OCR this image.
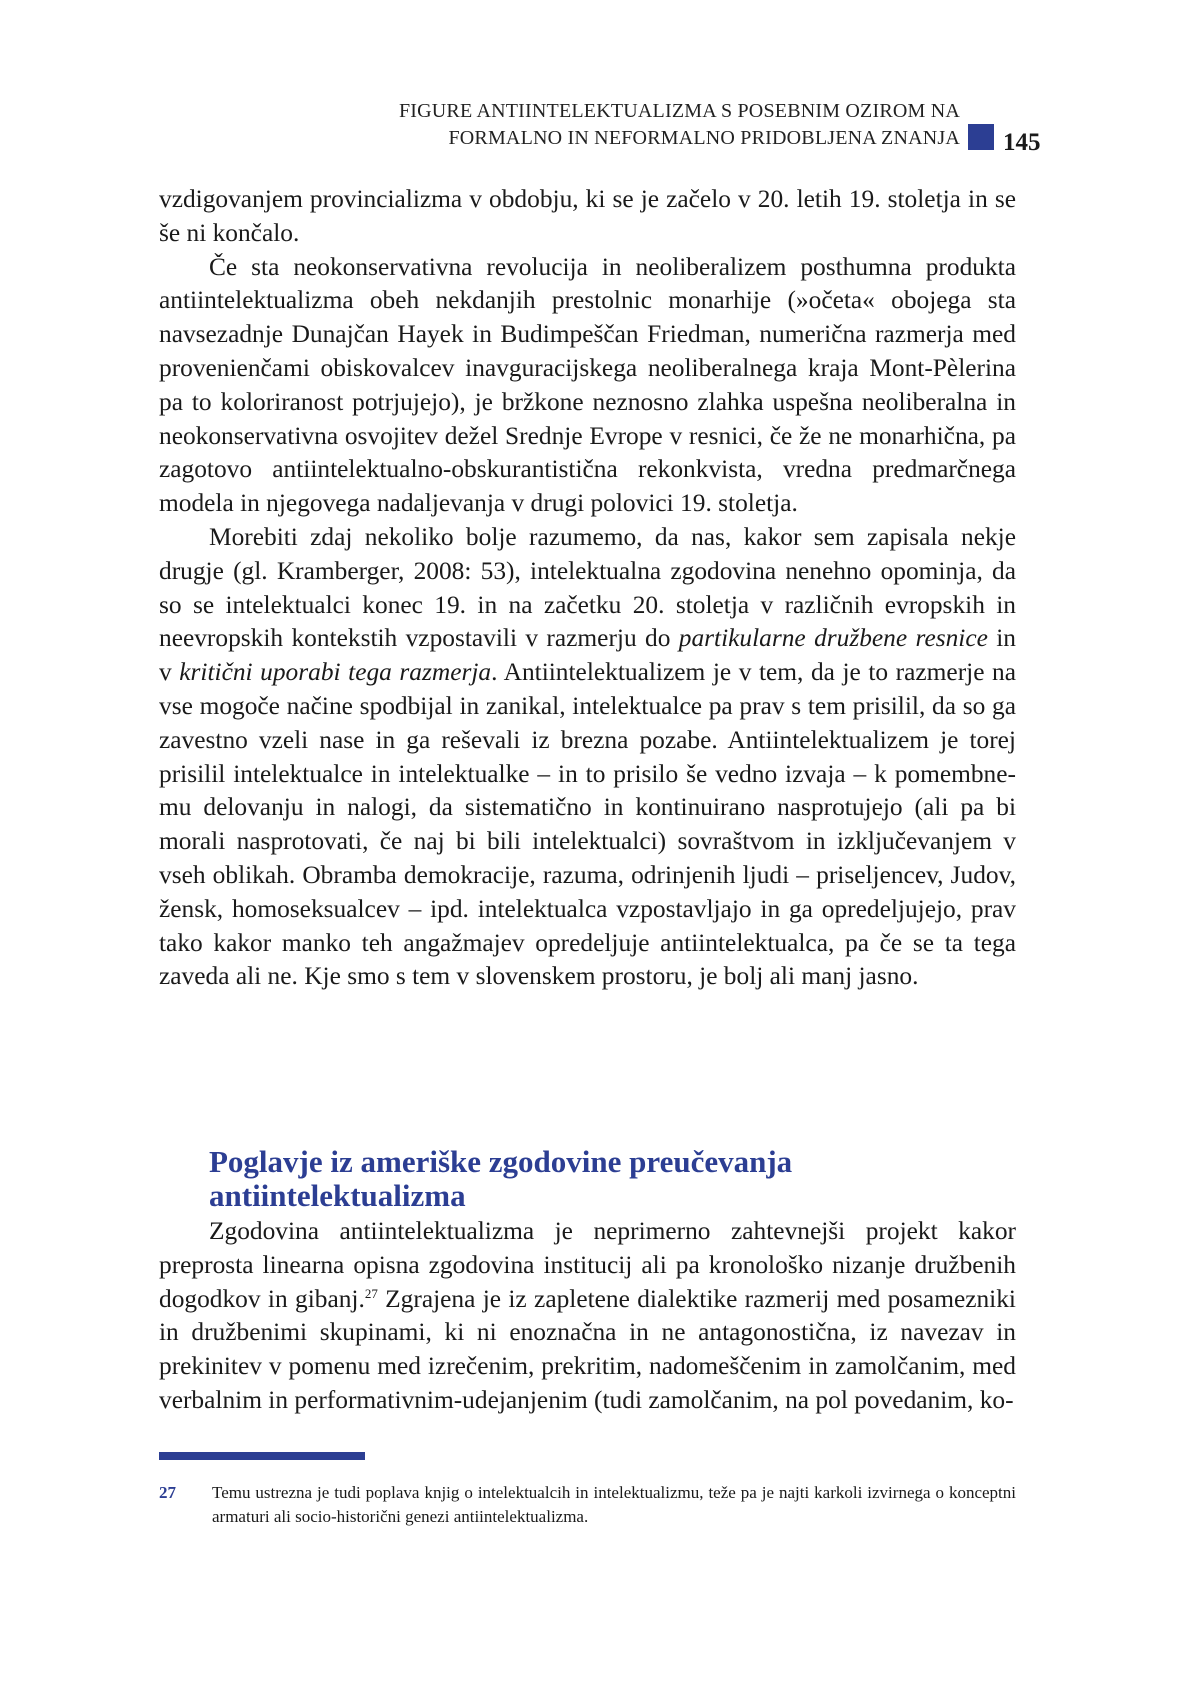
FIGURE ANTIINTELEKTUALIZMA S POSEBNIM OZIROM NA
FORMALNO IN NEFORMALNO PRIDOBLJENA ZNANJA 145

vzdigovanjem provincializma v obdobju, ki se je začelo v 20. letih 19. stoletja in se še ni končalo.

Če sta neokonservativna revolucija in neoliberalizem posthumna produkta antiintelektualizma obeh nekdanjih prestolnic monarhije (»očeta« obojega sta navsezadnje Dunajčan Hayek in Budimpeščan Friedman, numerična razmerja med provenienčami obiskovalcev inavguracijskega neoliberalnega kraja Mont-Pèlerina pa to koloriranost potrjujejo), je bržkone neznosno zlahka uspešna neoliberalna in neokonservativna osvojitev dežel Srednje Evrope v resnici, če že ne monarhična, pa zagotovo antiintelektualno-obskurantistična rekonkvista, vredna predmarčnega modela in njegovega nadaljevanja v drugi polovici 19. stoletja.

Morebiti zdaj nekoliko bolje razumemo, da nas, kakor sem zapisala nekje drugje (gl. Kramberger, 2008: 53), intelektualna zgodovina nenehno opominja, da so se intelektualci konec 19. in na začetku 20. stoletja v različnih evropskih in neevropskih kontekstih vzpostavili v razmerju do partikularne družbene resnice in v kritični uporabi tega razmerja. Antiintelektualizem je v tem, da je to razmerje na vse mogoče načine spodbijal in zanikal, intelektualce pa prav s tem prisilil, da so ga zavestno vzeli nase in ga reševali iz brezna pozabe. Antiintelektualizem je torej prisilil intelektualce in intelektualke – in to prisilo še vedno izvaja – k pomembnemu delovanju in nalogi, da sistematično in kontinuirano nasprotujejo (ali pa bi morali nasprotovati, če naj bi bili intelektualci) sovraštvom in izključevanjem v vseh oblikah. Obramba demokracije, razuma, odrinjenih ljudi – priseljencev, Judov, žensk, homoseksualcev – ipd. intelektualca vzpostavljajo in ga opredeljujejo, prav tako kakor manko teh angažmajev opredeljuje antiintelektualca, pa če se ta tega zaveda ali ne. Kje smo s tem v slovenskem prostoru, je bolj ali manj jasno.

Poglavje iz ameriške zgodovine preučevanja antiintelektualizma

Zgodovina antiintelektualizma je neprimerno zahtevnejši projekt kakor preprosta linearna opisna zgodovina institucij ali pa kronološko nizanje družbenih dogodkov in gibanj.$^{27}$ Zgrajena je iz zapletene dialektike razmerij med posamezniki in družbenimi skupinami, ki ni enoznačna in ne antagonostična, iz navezav in prekinitev v pomenu med izrečenim, prekritim, nadomeščenim in zamolčanim, med verbalnim in performativnim-udejanjenim (tudi zamolčanim, na pol povedanim, ko-

27 Temu ustrezna je tudi poplava knjig o intelektualcih in intelektualizmu, teže pa je najti karkoli izvirnega o konceptni armaturi ali socio-historični genezi antiintelektualizma.
